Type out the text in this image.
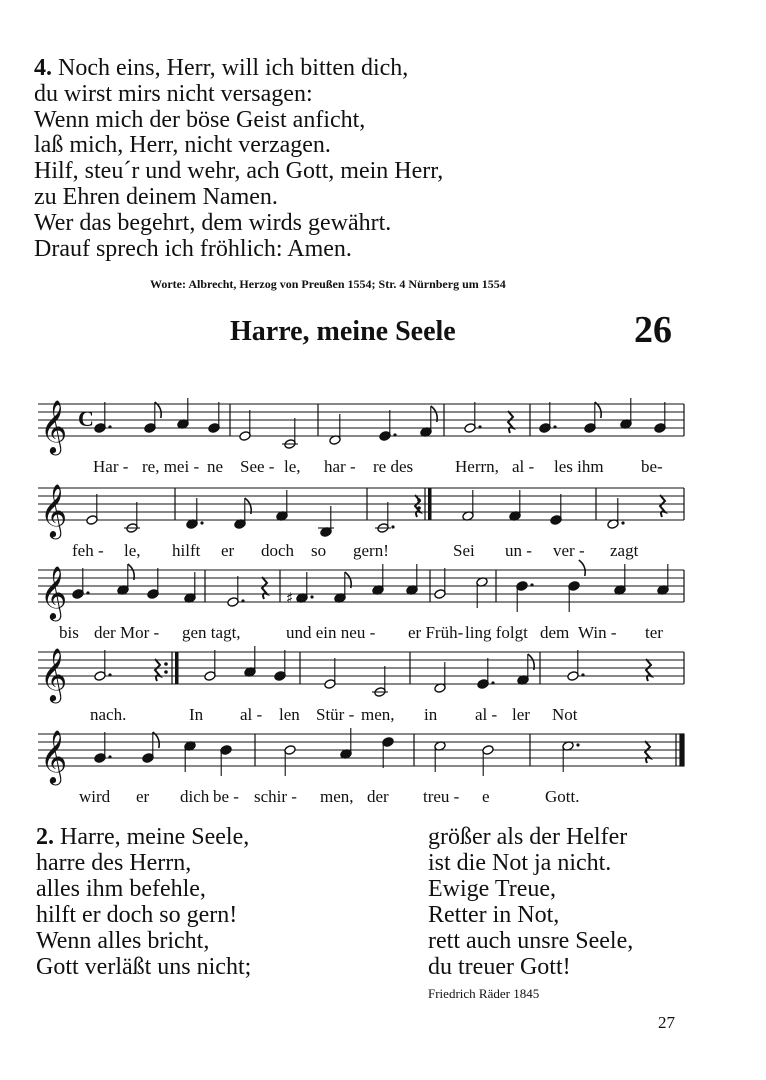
4. Noch eins, Herr, will ich bitten dich,
du wirst mirs nicht versagen:
Wenn mich der böse Geist anficht,
laß mich, Herr, nicht verzagen.
Hilf, steu´r und wehr, ach Gott, mein Herr,
zu Ehren deinem Namen.
Wer das begehrt, dem wirds gewährt.
Drauf sprech ich fröhlich: Amen.
Worte: Albrecht, Herzog von Preußen 1554; Str. 4 Nürnberg um 1554
Harre, meine Seele	26
𝄞 C
𝄞
𝄞	♯
𝄞
𝄞
Har - re, mei - ne See - le, har - re des Herrn, al - les ihm be-
feh - le, hilft er doch so gern!	Sei un - ver - zagt
bis der Mor - gen tagt,	und ein neu - er Früh- ling folgt dem Win - ter
nach.	In al - len Stür - men, in al - ler Not
wird er dich be - schir - men, der treu - e	Gott.
2. Harre, meine Seele,
harre des Herrn,
alles ihm befehle,
hilft er doch so gern!
Wenn alles bricht,
Gott verläßt uns nicht;
größer als der Helfer
ist die Not ja nicht.
Ewige Treue,
Retter in Not,
rett auch unsre Seele,
du treuer Gott!
Friedrich Räder 1845
27
